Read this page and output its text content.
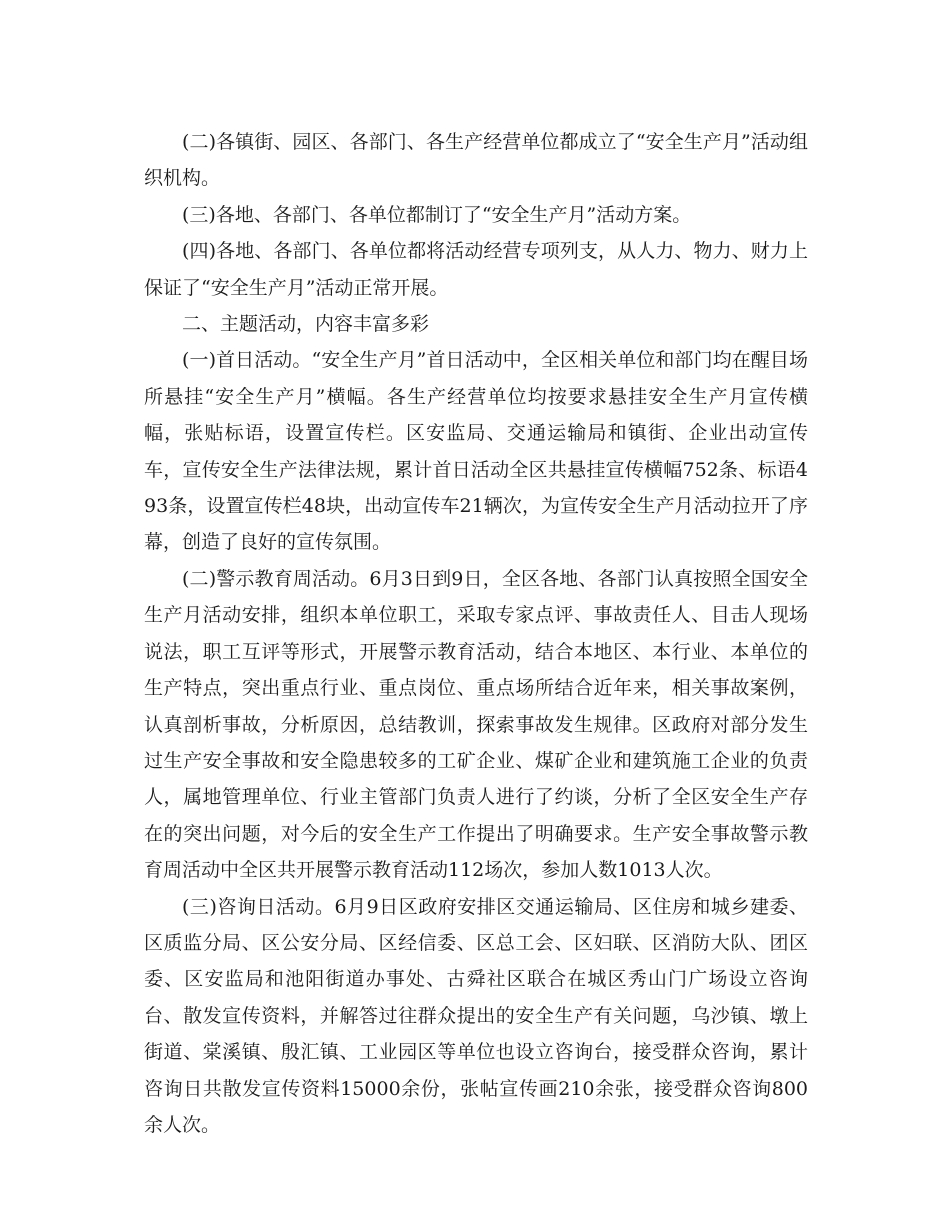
(二)各镇街、园区、各部门、各生产经营单位都成立了“安全生产月”活动组织机构。

(三)各地、各部门、各单位都制订了“安全生产月”活动方案。

(四)各地、各部门、各单位都将活动经营专项列支，从人力、物力、财力上保证了“安全生产月”活动正常开展。

二、主题活动，内容丰富多彩

(一)首日活动。“安全生产月”首日活动中，全区相关单位和部门均在醒目场所悬挂“安全生产月”横幅。各生产经营单位均按要求悬挂安全生产月宣传横幅，张贴标语，设置宣传栏。区安监局、交通运输局和镇街、企业出动宣传车，宣传安全生产法律法规，累计首日活动全区共悬挂宣传横幅752条、标语493条，设置宣传栏48块，出动宣传车21辆次，为宣传安全生产月活动拉开了序幕，创造了良好的宣传氛围。

(二)警示教育周活动。6月3日到9日，全区各地、各部门认真按照全国安全生产月活动安排，组织本单位职工，采取专家点评、事故责任人、目击人现场说法，职工互评等形式，开展警示教育活动，结合本地区、本行业、本单位的生产特点，突出重点行业、重点岗位、重点场所结合近年来，相关事故案例，认真剖析事故，分析原因，总结教训，探索事故发生规律。区政府对部分发生过生产安全事故和安全隐患较多的工矿企业、煤矿企业和建筑施工企业的负责人，属地管理单位、行业主管部门负责人进行了约谈，分析了全区安全生产存在的突出问题，对今后的安全生产工作提出了明确要求。生产安全事故警示教育周活动中全区共开展警示教育活动112场次，参加人数1013人次。

(三)咨询日活动。6月9日区政府安排区交通运输局、区住房和城乡建委、区质监分局、区公安分局、区经信委、区总工会、区妇联、区消防大队、团区委、区安监局和池阳街道办事处、古舜社区联合在城区秀山门广场设立咨询台、散发宣传资料，并解答过往群众提出的安全生产有关问题，乌沙镇、墩上街道、棠溪镇、殷汇镇、工业园区等单位也设立咨询台，接受群众咨询，累计咨询日共散发宣传资料15000余份，张帖宣传画210余张，接受群众咨询800余人次。
